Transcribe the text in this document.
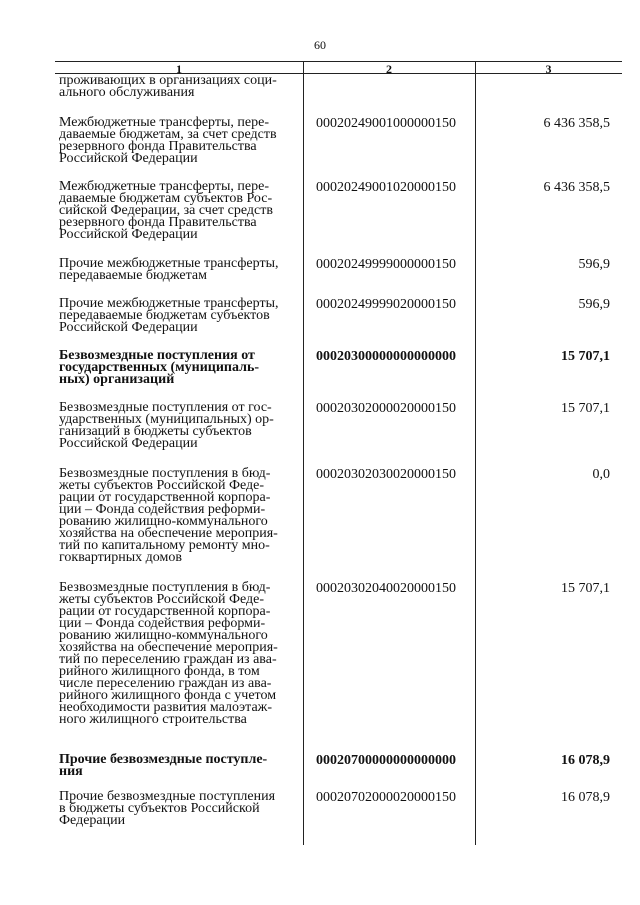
60
1	2	3
проживающих в организациях соци-
ального обслуживания
Межбюджетные трансферты, пере-
даваемые бюджетам, за счет средств
резервного фонда Правительства
Российской Федерации
00020249001000000150	6 436 358,5
Межбюджетные трансферты, пере-
даваемые бюджетам субъектов Рос-
сийской Федерации, за счет средств
резервного фонда Правительства
Российской Федерации
00020249001020000150	6 436 358,5
Прочие межбюджетные трансферты,
передаваемые бюджетам
00020249999000000150	596,9
Прочие межбюджетные трансферты,
передаваемые бюджетам субъектов
Российской Федерации
00020249999020000150	596,9
Безвозмездные поступления от
государственных (муниципаль-
ных) организаций
00020300000000000000	15 707,1
Безвозмездные поступления от гос-
ударственных (муниципальных) ор-
ганизаций в бюджеты субъектов
Российской Федерации
00020302000020000150	15 707,1
Безвозмездные поступления в бюд-
жеты субъектов Российской Феде-
рации от государственной корпора-
ции – Фонда содействия реформи-
рованию жилищно-коммунального
хозяйства на обеспечение мероприя-
тий по капитальному ремонту мно-
гоквартирных домов
00020302030020000150	0,0
Безвозмездные поступления в бюд-
жеты субъектов Российской Феде-
рации от государственной корпора-
ции – Фонда содействия реформи-
рованию жилищно-коммунального
хозяйства на обеспечение мероприя-
тий по переселению граждан из ава-
рийного жилищного фонда, в том
числе переселению граждан из ава-
рийного жилищного фонда с учетом
необходимости развития малоэтаж-
ного жилищного строительства
00020302040020000150	15 707,1
Прочие безвозмездные поступле-
ния
00020700000000000000	16 078,9
Прочие безвозмездные поступления
в бюджеты субъектов Российской
Федерации
00020702000020000150	16 078,9
